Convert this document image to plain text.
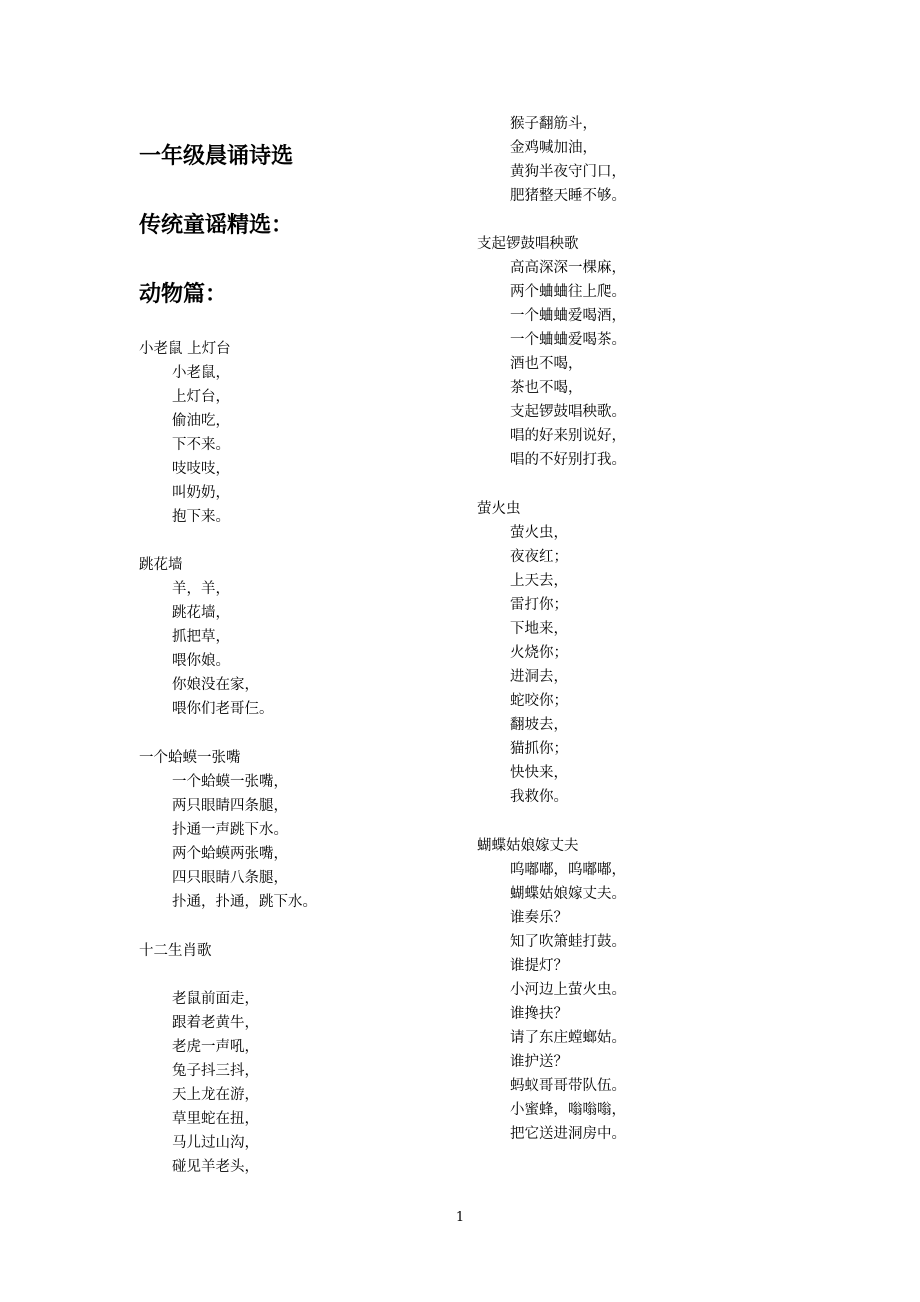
一年级晨诵诗选
传统童谣精选：
动物篇：
小老鼠 上灯台
小老鼠，
上灯台，
偷油吃，
下不来。
吱吱吱，
叫奶奶，
抱下来。
跳花墙
羊，羊，
跳花墙，
抓把草，
喂你娘。
你娘没在家，
喂你们老哥仨。
一个蛤蟆一张嘴
一个蛤蟆一张嘴，
两只眼睛四条腿，
扑通一声跳下水。
两个蛤蟆两张嘴，
四只眼睛八条腿，
扑通，扑通，跳下水。
十二生肖歌
老鼠前面走，
跟着老黄牛，
老虎一声吼，
兔子抖三抖，
天上龙在游，
草里蛇在扭，
马儿过山沟，
碰见羊老头，
猴子翻筋斗，
金鸡喊加油，
黄狗半夜守门口，
肥猪整天睡不够。
支起锣鼓唱秧歌
高高深深一棵麻，
两个蛐蛐往上爬。
一个蛐蛐爱喝酒，
一个蛐蛐爱喝茶。
酒也不喝，
茶也不喝，
支起锣鼓唱秧歌。
唱的好来别说好，
唱的不好别打我。
萤火虫
萤火虫，
夜夜红；
上天去，
雷打你；
下地来，
火烧你；
进洞去，
蛇咬你；
翻坡去，
猫抓你；
快快来，
我救你。
蝴蝶姑娘嫁丈夫
呜嘟嘟，呜嘟嘟，
蝴蝶姑娘嫁丈夫。
谁奏乐？
知了吹箫蛙打鼓。
谁提灯？
小河边上萤火虫。
谁搀扶？
请了东庄螳螂姑。
谁护送？
蚂蚁哥哥带队伍。
小蜜蜂，嗡嗡嗡，
把它送进洞房中。
1
